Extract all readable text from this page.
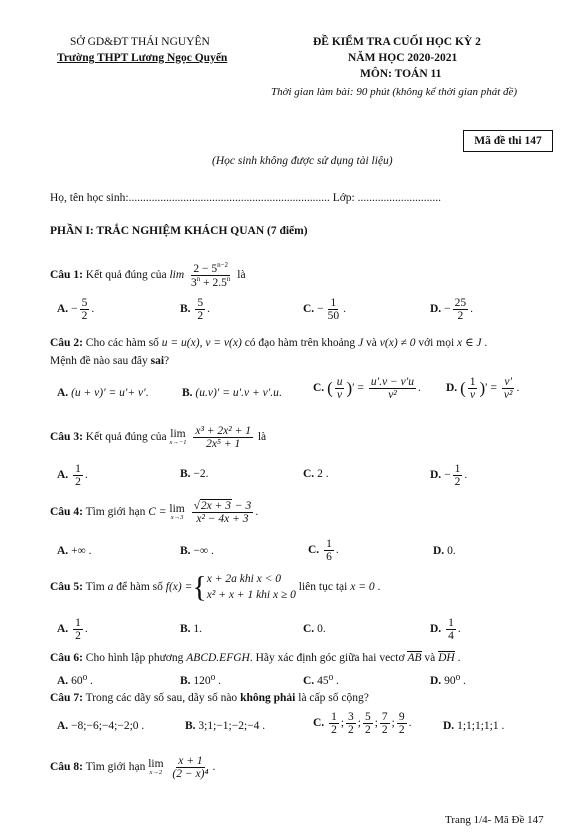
SỞ GD&ĐT THÁI NGUYÊN
Trường THPT Lương Ngọc Quyến
ĐỀ KIỂM TRA CUỐI HỌC KỲ 2
NĂM HỌC 2020-2021
MÔN: TOÁN 11
Thời gian làm bài: 90 phút (không kể thời gian phát đề)
Mã đề thi 147
(Học sinh không được sử dụng tài liệu)
Họ, tên học sinh:...................................................................... Lớp: .............................
PHẦN I: TRẮC NGHIỆM KHÁCH QUAN (7 điểm)
Câu 1: Kết quả đúng của $\lim \frac{2 - 5^{n-2}}{3^n + 2.5^n}$ là
A. − $\frac{5}{2}$ .	B. $\frac{5}{2}$ .	C. − $\frac{1}{50}$ .	D. − $\frac{25}{2}$ .
Câu 2: Cho các hàm số u = u(x), v = v(x) có đạo hàm trên khoảng J và v(x) ≠ 0 với mọi x ∈ J .
Mệnh đề nào sau đây sai?
A. (u + v)′ = u′+ v′.	B. (u.v)′ = u′.v + v′.u.	C. ( $\frac{u}{v}$ )′ = $\frac{u'.v - v'u}{\text{v²}}$ . D. ( $\frac{1}{v}$ )′ = $\frac{v'}{\text{v²}}$ .
Câu 3: Kết quả đúng của lim
x→−1
$\frac{\text{x³ + 2x² + 1}}{\text{2x⁵ + 1}}$ là
A. $\frac{1}{2}$ .	B. −2.	C. 2 .	D. − $\frac{1}{2}$ .
Câu 4: Tìm giới hạn C = lim
x→3
$\frac{√2x + 3 - 3}{\text{x² − 4x + 3}}$ .
A. +∞ .	B. −∞ .	C. $\frac{1}{6}$ .	D. 0.
Câu 5: Tìm a để hàm số f(x) ={ x + 2a khi x < 0
x² + x + 1 khi x ≥ 0
liên tục tại x = 0 .
A. $\frac{1}{2}$ .	B. 1.	C. 0.	D. $\frac{1}{4}$ .
Câu 6: Cho hình lập phương ABCD.EFGH. Hãy xác định góc giữa hai vectơ AB và DH .
A. 60⁰ .	B. 120⁰ .	C. 45⁰ .	D. 90⁰ .
Câu 7: Trong các dãy số sau, dãy số nào không phải là cấp số cộng?
A. −8;−6;−4;−2;0 .	B. 3;1;−1;−2;−4 .	C. $\frac{1}{2}$ ; $\frac{3}{2}$ ; $\frac{5}{2}$ ; $\frac{7}{2}$ ; $\frac{9}{2}$ .	D. 1;1;1;1;1 .
Câu 8: Tìm giới hạn lim
x→2
$\frac{x + 1}{\text{(2 − x)⁴}}$ .
Trang 1/4- Mã Đề 147
